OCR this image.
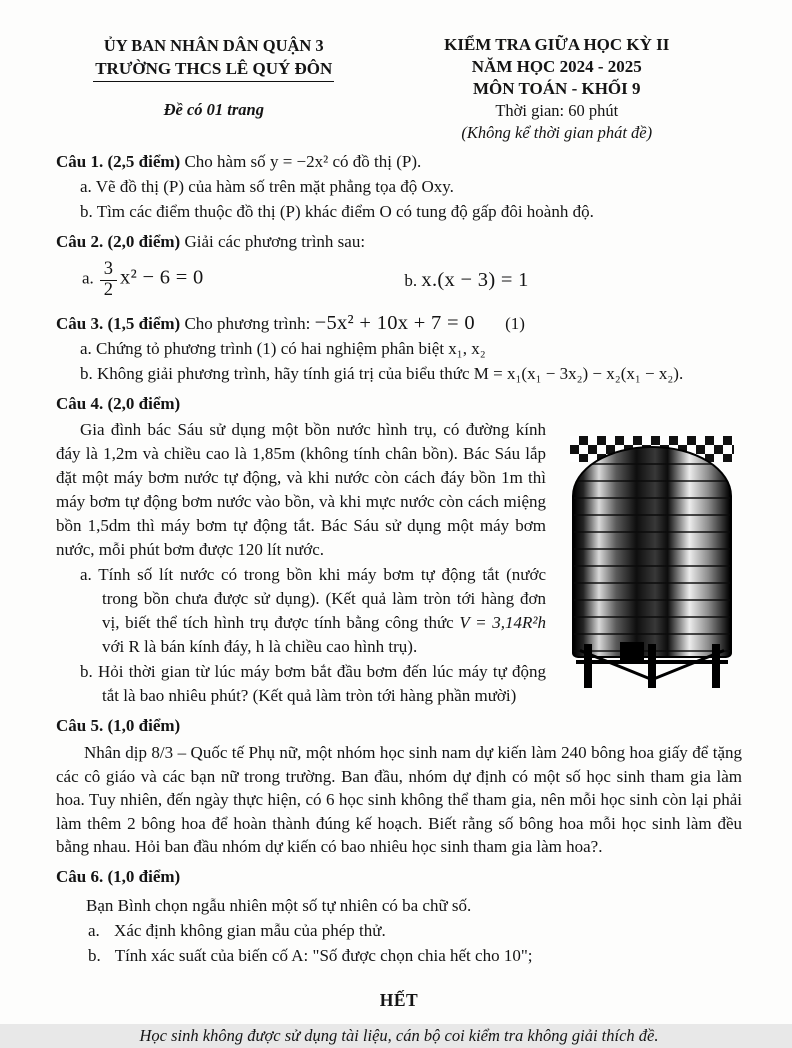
ỦY BAN NHÂN DÂN QUẬN 3
TRƯỜNG THCS LÊ QUÝ ĐÔN
Đề có 01 trang
KIỂM TRA GIỮA HỌC KỲ II
NĂM HỌC 2024 - 2025
MÔN TOÁN - KHỐI 9
Thời gian: 60 phút
(Không kể thời gian phát đề)
Câu 1. (2,5 điểm) Cho hàm số y = −2x² có đồ thị (P).
a. Vẽ đồ thị (P) của hàm số trên mặt phẳng tọa độ Oxy.
b. Tìm các điểm thuộc đồ thị (P) khác điểm O có tung độ gấp đôi hoành độ.
Câu 2. (2,0 điểm) Giải các phương trình sau:
a. $\frac{3}{2} x^2 - 6 = 0$	b. x.(x − 3) = 1
Câu 3. (1,5 điểm) Cho phương trình: −5x² + 10x + 7 = 0 (1)
a. Chứng tỏ phương trình (1) có hai nghiệm phân biệt x₁, x₂
b. Không giải phương trình, hãy tính giá trị của biểu thức M = x₁(x₁ − 3x₂) − x₂(x₁ − x₂).
Câu 4. (2,0 điểm)

Gia đình bác Sáu sử dụng một bồn nước hình trụ, có đường kính đáy là 1,2m và chiều cao là 1,85m (không tính chân bồn). Bác Sáu lắp đặt một máy bơm nước tự động, và khi nước còn cách đáy bồn 1m thì máy bơm tự động bơm nước vào bồn, và khi mực nước còn cách miệng bồn 1,5dm thì máy bơm tự động tắt. Bác Sáu sử dụng một máy bơm nước, mỗi phút bơm được 120 lít nước.

a. Tính số lít nước có trong bồn khi máy bơm tự động tắt (nước trong bồn chưa được sử dụng). (Kết quả làm tròn tới hàng đơn vị, biết thể tích hình trụ được tính bằng công thức V = 3,14R²h với R là bán kính đáy, h là chiều cao hình trụ).
b. Hỏi thời gian từ lúc máy bơm bắt đầu bơm đến lúc máy tự động tắt là bao nhiêu phút? (Kết quả làm tròn tới hàng phần mười)
Câu 5. (1,0 điểm)

Nhân dịp 8/3 – Quốc tế Phụ nữ, một nhóm học sinh nam dự kiến làm 240 bông hoa giấy để tặng các cô giáo và các bạn nữ trong trường. Ban đầu, nhóm dự định có một số học sinh tham gia làm hoa. Tuy nhiên, đến ngày thực hiện, có 6 học sinh không thể tham gia, nên mỗi học sinh còn lại phải làm thêm 2 bông hoa để hoàn thành đúng kế hoạch. Biết rằng số bông hoa mỗi học sinh làm đều bằng nhau. Hỏi ban đầu nhóm dự kiến có bao nhiêu học sinh tham gia làm hoa?.

Câu 6. (1,0 điểm)
Bạn Bình chọn ngẫu nhiên một số tự nhiên có ba chữ số.
a. Xác định không gian mẫu của phép thử.
b. Tính xác suất của biến cố A: "Số được chọn chia hết cho 10";
HẾT
Học sinh không được sử dụng tài liệu, cán bộ coi kiểm tra không giải thích đề.
